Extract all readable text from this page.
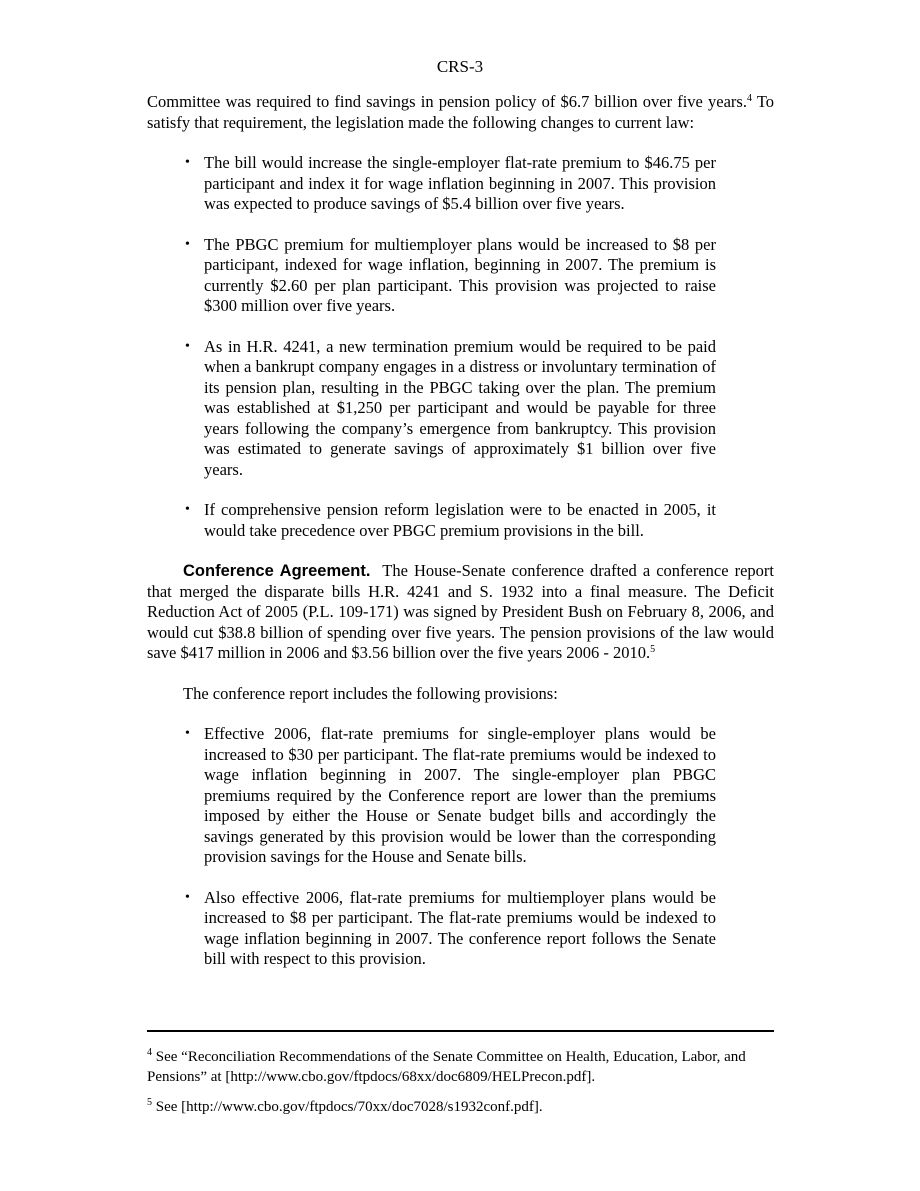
CRS-3

Committee was required to find savings in pension policy of $6.7 billion over five years.$^4$ To satisfy that requirement, the legislation made the following changes to current law:

• The bill would increase the single-employer flat-rate premium to $46.75 per participant and index it for wage inflation beginning in 2007. This provision was expected to produce savings of $5.4 billion over five years.
• The PBGC premium for multiemployer plans would be increased to $8 per participant, indexed for wage inflation, beginning in 2007. The premium is currently $2.60 per plan participant. This provision was projected to raise $300 million over five years.
• As in H.R. 4241, a new termination premium would be required to be paid when a bankrupt company engages in a distress or involuntary termination of its pension plan, resulting in the PBGC taking over the plan. The premium was established at $1,250 per participant and would be payable for three years following the company’s emergence from bankruptcy. This provision was estimated to generate savings of approximately $1 billion over five years.
• If comprehensive pension reform legislation were to be enacted in 2005, it would take precedence over PBGC premium provisions in the bill.

Conference Agreement. The House-Senate conference drafted a conference report that merged the disparate bills H.R. 4241 and S. 1932 into a final measure. The Deficit Reduction Act of 2005 (P.L. 109-171) was signed by President Bush on February 8, 2006, and would cut $38.8 billion of spending over five years. The pension provisions of the law would save $417 million in 2006 and $3.56 billion over the five years 2006 - 2010.$^5$

The conference report includes the following provisions:

• Effective 2006, flat-rate premiums for single-employer plans would be increased to $30 per participant. The flat-rate premiums would be indexed to wage inflation beginning in 2007. The single-employer plan PBGC premiums required by the Conference report are lower than the premiums imposed by either the House or Senate budget bills and accordingly the savings generated by this provision would be lower than the corresponding provision savings for the House and Senate bills.
• Also effective 2006, flat-rate premiums for multiemployer plans would be increased to $8 per participant. The flat-rate premiums would be indexed to wage inflation beginning in 2007. The conference report follows the Senate bill with respect to this provision.

$^4$ See “Reconciliation Recommendations of the Senate Committee on Health, Education, Labor, and Pensions” at [http://www.cbo.gov/ftpdocs/68xx/doc6809/HELPrecon.pdf].

$^5$ See [http://www.cbo.gov/ftpdocs/70xx/doc7028/s1932conf.pdf].
